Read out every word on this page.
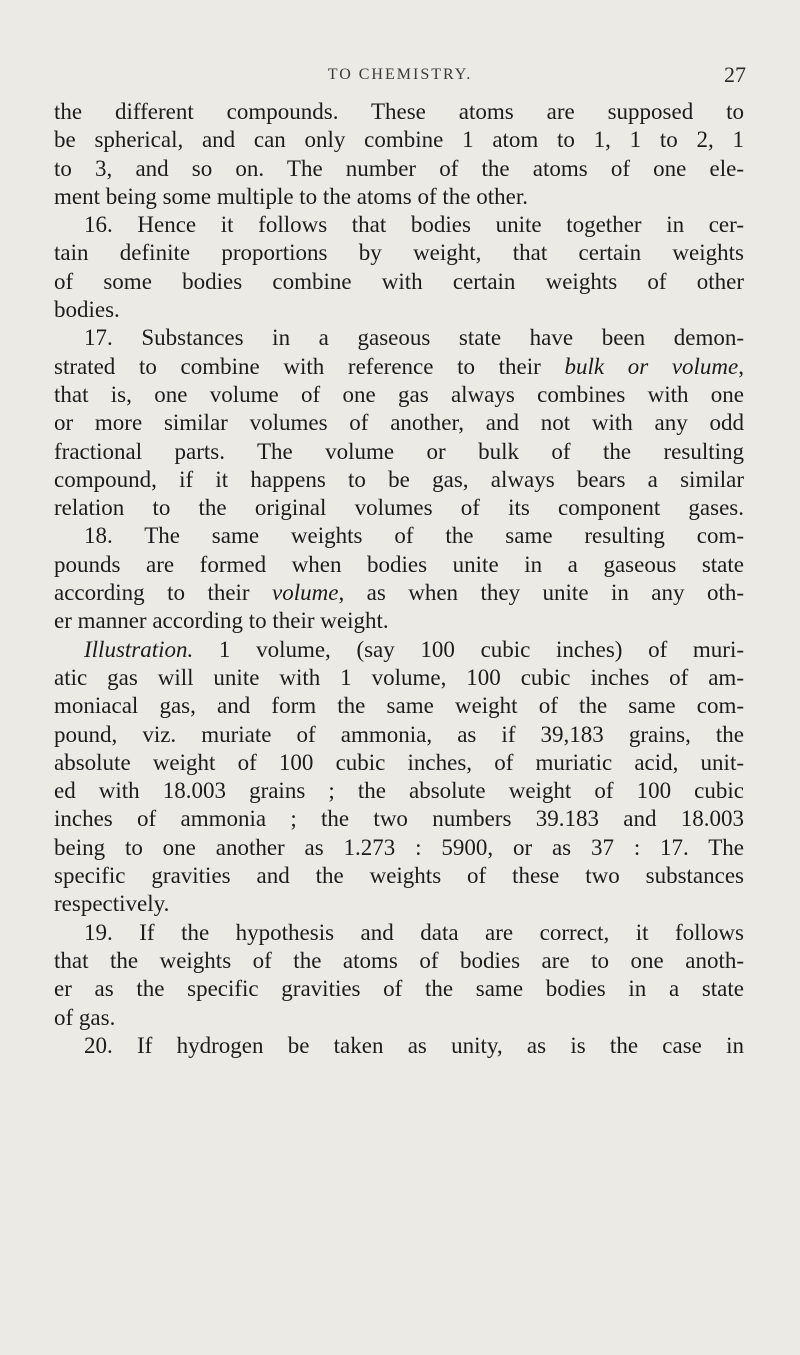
TO CHEMISTRY.	27
the different compounds. These atoms are supposed to
be spherical, and can only combine 1 atom to 1, 1 to 2, 1
to 3, and so on. The number of the atoms of one ele-
ment being some multiple to the atoms of the other.
16. Hence it follows that bodies unite together in cer-
tain definite proportions by weight, that certain weights
of some bodies combine with certain weights of other
bodies.
17. Substances in a gaseous state have been demon-
strated to combine with reference to their bulk or volume,
that is, one volume of one gas always combines with one
or more similar volumes of another, and not with any odd
fractional parts. The volume or bulk of the resulting
compound, if it happens to be gas, always bears a similar
relation to the original volumes of its component gases.
18. The same weights of the same resulting com-
pounds are formed when bodies unite in a gaseous state
according to their volume, as when they unite in any oth-
er manner according to their weight.
Illustration. 1 volume, (say 100 cubic inches) of muri-
atic gas will unite with 1 volume, 100 cubic inches of am-
moniacal gas, and form the same weight of the same com-
pound, viz. muriate of ammonia, as if 39,183 grains, the
absolute weight of 100 cubic inches, of muriatic acid, unit-
ed with 18.003 grains ; the absolute weight of 100 cubic
inches of ammonia ; the two numbers 39.183 and 18.003
being to one another as 1.273 : 5900, or as 37 : 17. The
specific gravities and the weights of these two substances
respectively.
19. If the hypothesis and data are correct, it follows
that the weights of the atoms of bodies are to one anoth-
er as the specific gravities of the same bodies in a state
of gas.
20. If hydrogen be taken as unity, as is the case in
